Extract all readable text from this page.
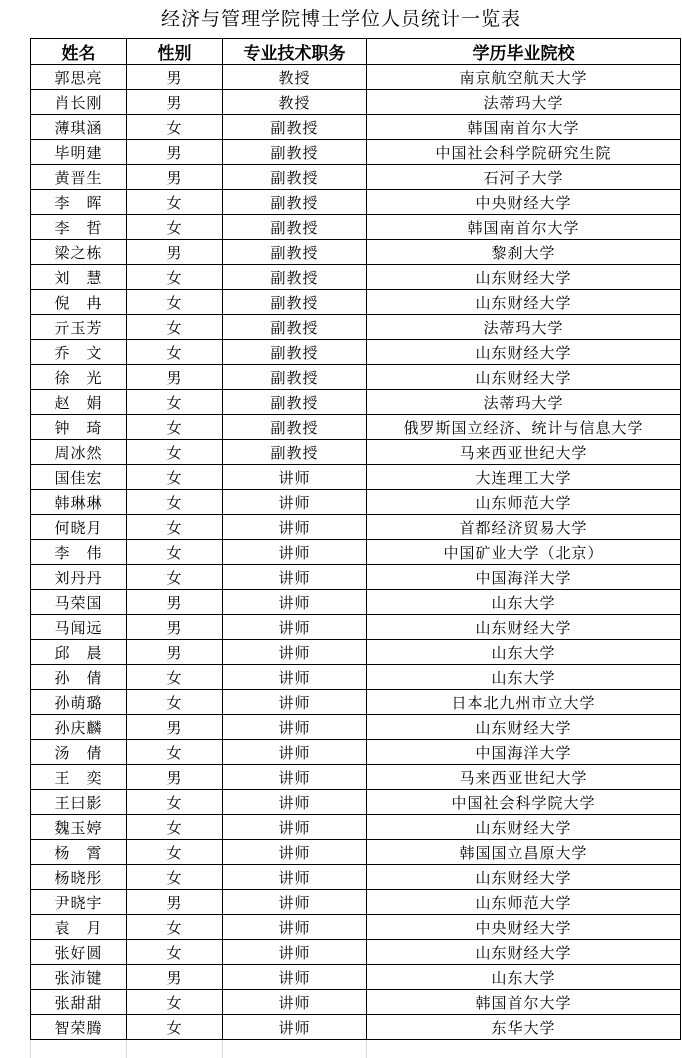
经济与管理学院博士学位人员统计一览表
姓名	性别	专业技术职务	学历毕业院校
郭思亮	男	教授	南京航空航天大学
肖长刚	男	教授	法蒂玛大学
薄琪涵	女	副教授	韩国南首尔大学
毕明建	男	副教授	中国社会科学院研究生院
黄晋生	男	副教授	石河子大学
李　晖	女	副教授	中央财经大学
李　哲	女	副教授	韩国南首尔大学
梁之栋	男	副教授	黎刹大学
刘　慧	女	副教授	山东财经大学
倪　冉	女	副教授	山东财经大学
亓玉芳	女	副教授	法蒂玛大学
乔　文	女	副教授	山东财经大学
徐　光	男	副教授	山东财经大学
赵　娟	女	副教授	法蒂玛大学
钟　琦	女	副教授	俄罗斯国立经济、统计与信息大学
周冰然	女	副教授	马来西亚世纪大学
国佳宏	女	讲师	大连理工大学
韩琳琳	女	讲师	山东师范大学
何晓月	女	讲师	首都经济贸易大学
李　伟	女	讲师	中国矿业大学（北京）
刘丹丹	女	讲师	中国海洋大学
马荣国	男	讲师	山东大学
马闻远	男	讲师	山东财经大学
邱　晨	男	讲师	山东大学
孙　倩	女	讲师	山东大学
孙萌璐	女	讲师	日本北九州市立大学
孙庆麟	男	讲师	山东财经大学
汤　倩	女	讲师	中国海洋大学
王　奕	男	讲师	马来西亚世纪大学
王曰影	女	讲师	中国社会科学院大学
魏玉婷	女	讲师	山东财经大学
杨　霄	女	讲师	韩国国立昌原大学
杨晓彤	女	讲师	山东财经大学
尹晓宇	男	讲师	山东师范大学
袁　月	女	讲师	中央财经大学
张好圆	女	讲师	山东财经大学
张沛键	男	讲师	山东大学
张甜甜	女	讲师	韩国首尔大学
智荣腾	女	讲师	东华大学
